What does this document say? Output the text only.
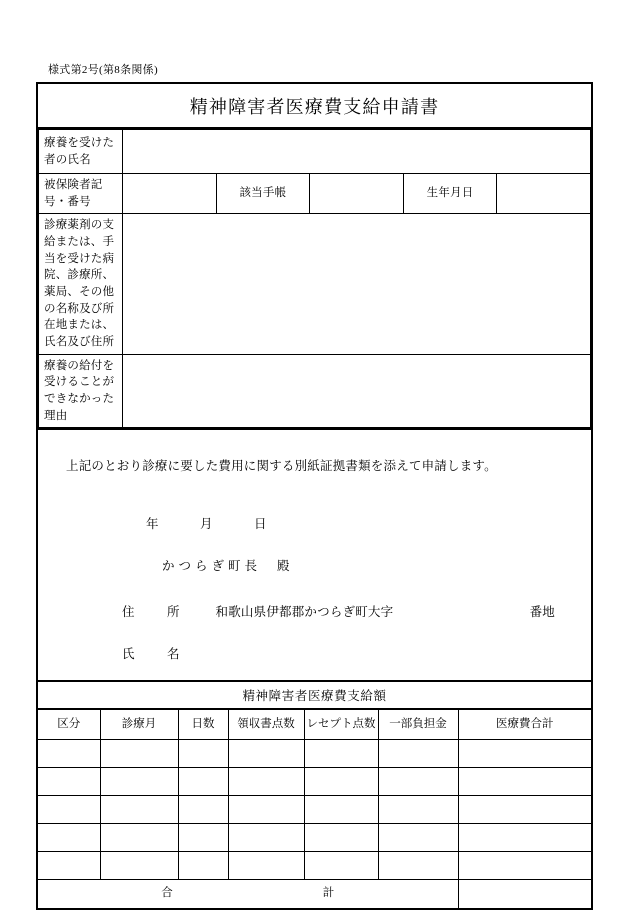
様式第2号(第8条関係)
精神障害者医療費支給申請書
療養を受けた者の氏名					
被保険者記号・番号		該当手帳		生年月日	
診療薬剤の支給または、手当を受けた病院、診療所、薬局、その他の名称及び所在地または、氏名及び住所					
療養の給付を受けることができなかった理由					
上記のとおり診療に要した費用に関する別紙証拠書類を添えて申請します。
年	月	日
かつらぎ町長 殿
住　所 和歌山県伊都郡かつらぎ町大字	番地
氏　名
精神障害者医療費支給額
区分	診療月	日数	領収書点数	レセプト点数	一部負担金	医療費合計

合 計						
